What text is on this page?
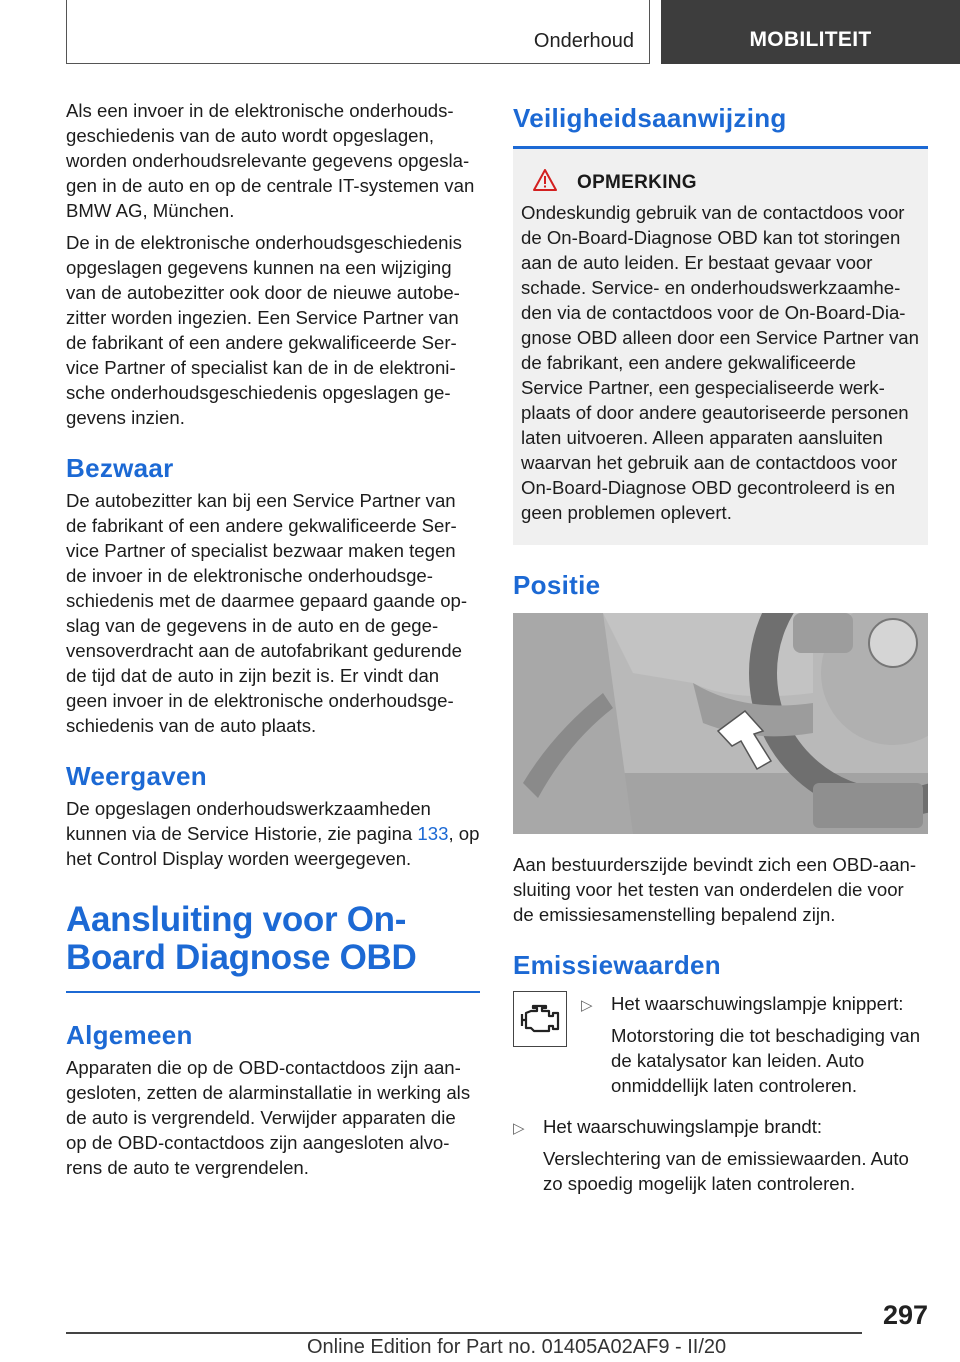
Onderhoud	MOBILITEIT

Als een invoer in de elektronische onderhouds-geschiedenis van de auto wordt opgeslagen, worden onderhoudsrelevante gegevens opgesla-gen in de auto en op de centrale IT-systemen van BMW AG, München.

De in de elektronische onderhoudsgeschiedenis opgeslagen gegevens kunnen na een wijziging van de autobezitter ook door de nieuwe autobe-zitter worden ingezien. Een Service Partner van de fabrikant of een andere gekwalificeerde Ser-vice Partner of specialist kan de in de elektroni-sche onderhoudsgeschiedenis opgeslagen ge-gevens inzien.

Bezwaar

De autobezitter kan bij een Service Partner van de fabrikant of een andere gekwalificeerde Ser-vice Partner of specialist bezwaar maken tegen de invoer in de elektronische onderhoudsge-schiedenis met de daarmee gepaard gaande op-slag van de gegevens in de auto en de gege-vensoverdracht aan de autofabrikant gedurende de tijd dat de auto in zijn bezit is. Er vindt dan geen invoer in de elektronische onderhoudsge-schiedenis van de auto plaats.

Weergaven

De opgeslagen onderhoudswerkzaamheden kunnen via de Service Historie, zie pagina 133, op het Control Display worden weergegeven.

Aansluiting voor On-Board Diagnose OBD
Algemeen

Apparaten die op de OBD-contactdoos zijn aan-gesloten, zetten de alarminstallatie in werking als de auto is vergrendeld. Verwijder apparaten die op de OBD-contactdoos zijn aangesloten alvo-rens de auto te vergrendelen.

Veiligheidsaanwijzing
OPMERKING

Ondeskundig gebruik van de contactdoos voor de On-Board-Diagnose OBD kan tot storingen aan de auto leiden. Er bestaat gevaar voor schade. Service- en onderhoudswerkzaamhe-den via de contactdoos voor de On-Board-Dia-gnose OBD alleen door een Service Partner van de fabrikant, een andere gekwalificeerde Service Partner, een gespecialiseerde werk-plaats of door andere geautoriseerde personen laten uitvoeren. Alleen apparaten aansluiten waarvan het gebruik aan de contactdoos voor On-Board-Diagnose OBD gecontroleerd is en geen problemen oplevert.

Positie

Aan bestuurderszijde bevindt zich een OBD-aan-sluiting voor het testen van onderdelen die voor de emissiesamenstelling bepalend zijn.

Emissiewaarden
▷ Het waarschuwingslampje knippert:

Motorstoring die tot beschadiging van de katalysator kan leiden. Auto onmiddellijk laten controleren.

▷ Het waarschuwingslampje brandt:

Verslechtering van de emissiewaarden. Auto zo spoedig mogelijk laten controleren.

297
Online Edition for Part no. 01405A02AF9 - II/20
